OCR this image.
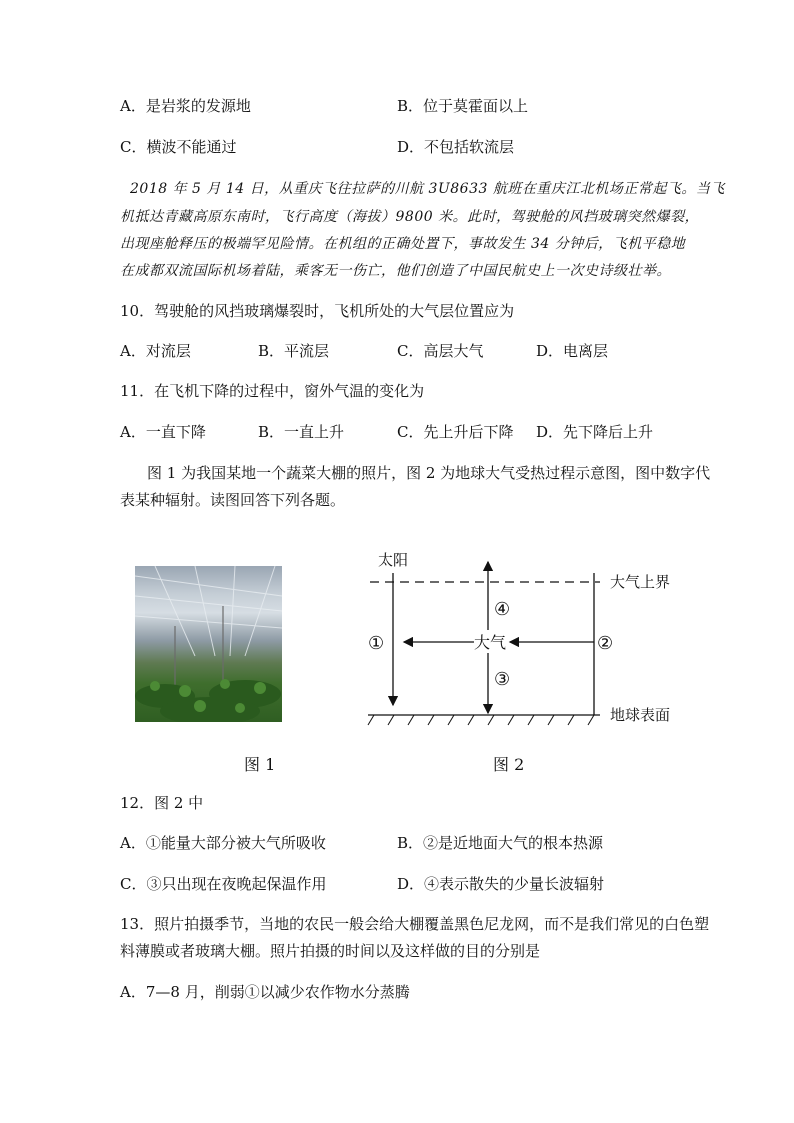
A．是岩浆的发源地	B．位于莫霍面以上
C．横波不能通过	D．不包括软流层
2018 年 5 月 14 日，从重庆飞往拉萨的川航 3U8633 航班在重庆江北机场正常起飞。当飞
机抵达青藏高原东南时，飞行高度（海拔）9800 米。此时，驾驶舱的风挡玻璃突然爆裂，
出现座舱释压的极端罕见险情。在机组的正确处置下，事故发生 34 分钟后，飞机平稳地
在成都双流国际机场着陆，乘客无一伤亡，他们创造了中国民航史上一次史诗级壮举。
10．驾驶舱的风挡玻璃爆裂时，飞机所处的大气层位置应为
A．对流层	B．平流层	C．高层大气	D．电离层
11．在飞机下降的过程中，窗外气温的变化为
A．一直下降	B．一直上升	C．先上升后下降 D．先下降后上升
图 1 为我国某地一个蔬菜大棚的照片，图 2 为地球大气受热过程示意图，图中数字代
表某种辐射。读图回答下列各题。
太阳
大气上界
①
④
大气	②
③
地球表面
图 1	图 2
12．图 2 中
A．①能量大部分被大气所吸收	B．②是近地面大气的根本热源
C．③只出现在夜晚起保温作用	D．④表示散失的少量长波辐射
13．照片拍摄季节，当地的农民一般会给大棚覆盖黑色尼龙网，而不是我们常见的白色塑
料薄膜或者玻璃大棚。照片拍摄的时间以及这样做的目的分别是
A．7—8 月，削弱①以减少农作物水分蒸腾
